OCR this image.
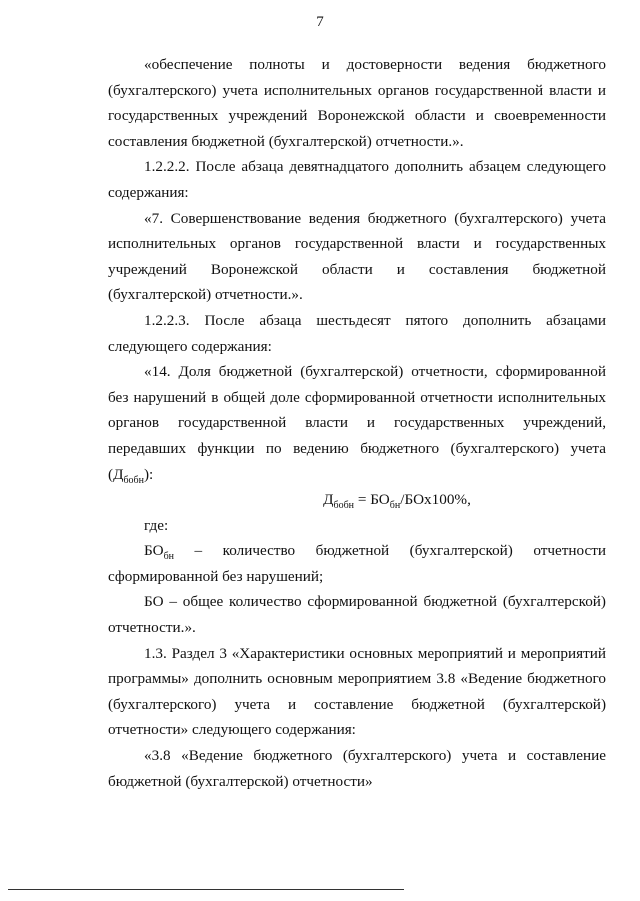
7

«обеспечение полноты и достоверности ведения бюджетного (бухгалтерского) учета исполнительных органов государственной власти и государственных учреждений Воронежской области и своевременности составления бюджетной (бухгалтерской) отчетности.».

1.2.2.2. После абзаца девятнадцатого дополнить абзацем следующего содержания:

«7. Совершенствование ведения бюджетного (бухгалтерского) учета исполнительных органов государственной власти и государственных учреждений Воронежской области и составления бюджетной (бухгалтерской) отчетности.».

1.2.2.3. После абзаца шестьдесят пятого дополнить абзацами следующего содержания:

«14. Доля бюджетной (бухгалтерской) отчетности, сформированной без нарушений в общей доле сформированной отчетности исполнительных органов государственной власти и государственных учреждений, передавших функции по ведению бюджетного (бухгалтерского) учета $(Д_{бобн})$:

$Д_{бобн} = БО_{бн}/БОх100\%$,

где:

$БО_{бн}$ – количество бюджетной (бухгалтерской) отчетности сформированной без нарушений;

БО – общее количество сформированной бюджетной (бухгалтерской) отчетности.».

1.3. Раздел 3 «Характеристики основных мероприятий и мероприятий программы» дополнить основным мероприятием 3.8 «Ведение бюджетного (бухгалтерского) учета и составление бюджетной (бухгалтерской) отчетности» следующего содержания:

«3.8 «Ведение бюджетного (бухгалтерского) учета и составление бюджетной (бухгалтерской) отчетности»
